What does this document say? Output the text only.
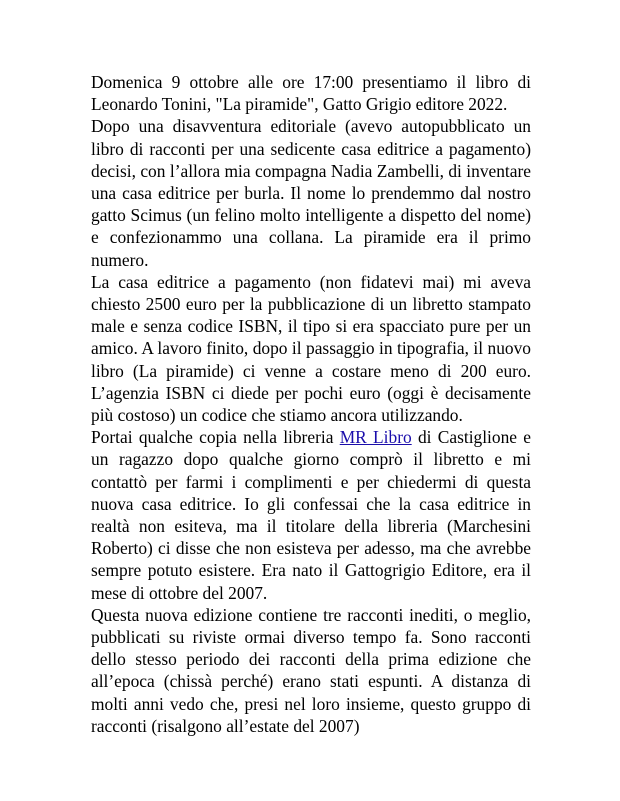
Domenica 9 ottobre alle ore 17:00 presentiamo il libro di Leonardo Tonini, "La piramide", Gatto Grigio editore 2022.

Dopo una disavventura editoriale (avevo autopubblicato un libro di racconti per una sedicente casa editrice a pagamento) decisi, con l’allora mia compagna Nadia Zambelli, di inventare una casa editrice per burla. Il nome lo prendemmo dal nostro gatto Scimus (un felino molto intelligente a dispetto del nome) e confezionammo una collana. La piramide era il primo numero.

La casa editrice a pagamento (non fidatevi mai) mi aveva chiesto 2500 euro per la pubblicazione di un libretto stampato male e senza codice ISBN, il tipo si era spacciato pure per un amico. A lavoro finito, dopo il passaggio in tipografia, il nuovo libro (La piramide) ci venne a costare meno di 200 euro. L’agenzia ISBN ci diede per pochi euro (oggi è decisamente più costoso) un codice che stiamo ancora utilizzando.

Portai qualche copia nella libreria MR Libro di Castiglione e un ragazzo dopo qualche giorno comprò il libretto e mi contattò per farmi i complimenti e per chiedermi di questa nuova casa editrice. Io gli confessai che la casa editrice in realtà non esiteva, ma il titolare della libreria (Marchesini Roberto) ci disse che non esisteva per adesso, ma che avrebbe sempre potuto esistere. Era nato il Gattogrigio Editore, era il mese di ottobre del 2007.

Questa nuova edizione contiene tre racconti inediti, o meglio, pubblicati su riviste ormai diverso tempo fa. Sono racconti dello stesso periodo dei racconti della prima edizione che all’epoca (chissà perché) erano stati espunti. A distanza di molti anni vedo che, presi nel loro insieme, questo gruppo di racconti (risalgono all’estate del 2007)
